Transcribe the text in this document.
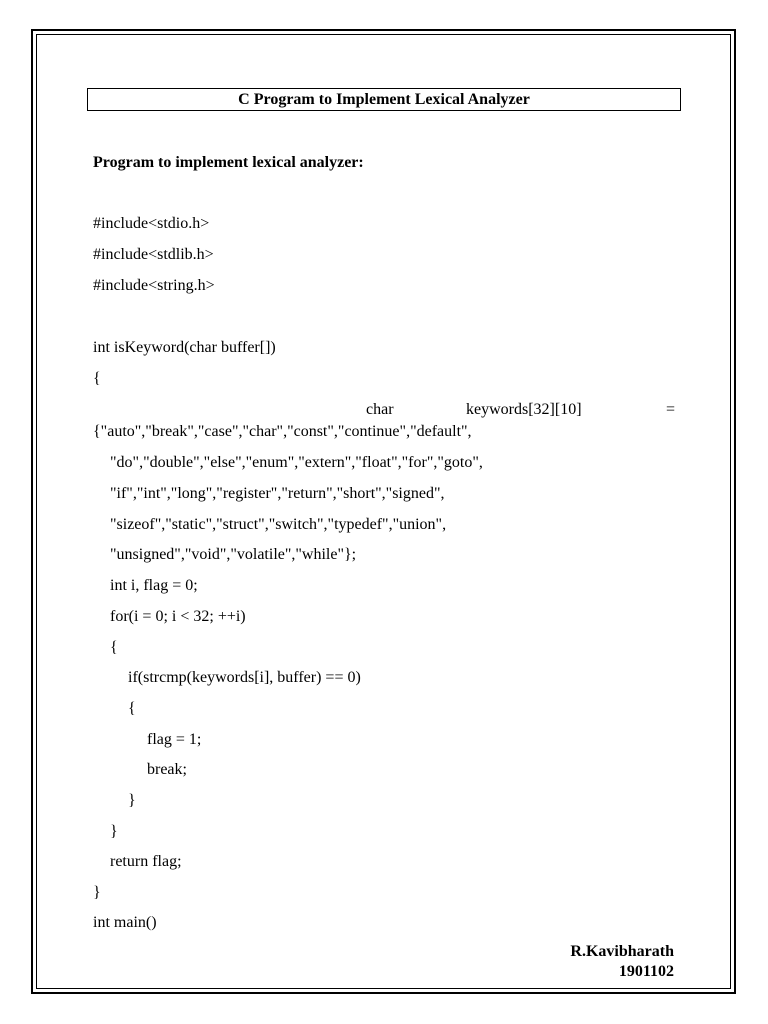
C Program to Implement Lexical Analyzer
Program to implement lexical analyzer:
#include<stdio.h>
#include<stdlib.h>
#include<string.h>
int isKeyword(char buffer[])
{
char	keywords[32][10]	=
{"auto","break","case","char","const","continue","default",
"do","double","else","enum","extern","float","for","goto",
"if","int","long","register","return","short","signed",
"sizeof","static","struct","switch","typedef","union",
"unsigned","void","volatile","while"};
int i, flag = 0;
for(i = 0; i < 32; ++i)
{
if(strcmp(keywords[i], buffer) == 0)
{
flag = 1;
break;
}
}
return flag;
}
int main()
R.Kavibharath
1901102
